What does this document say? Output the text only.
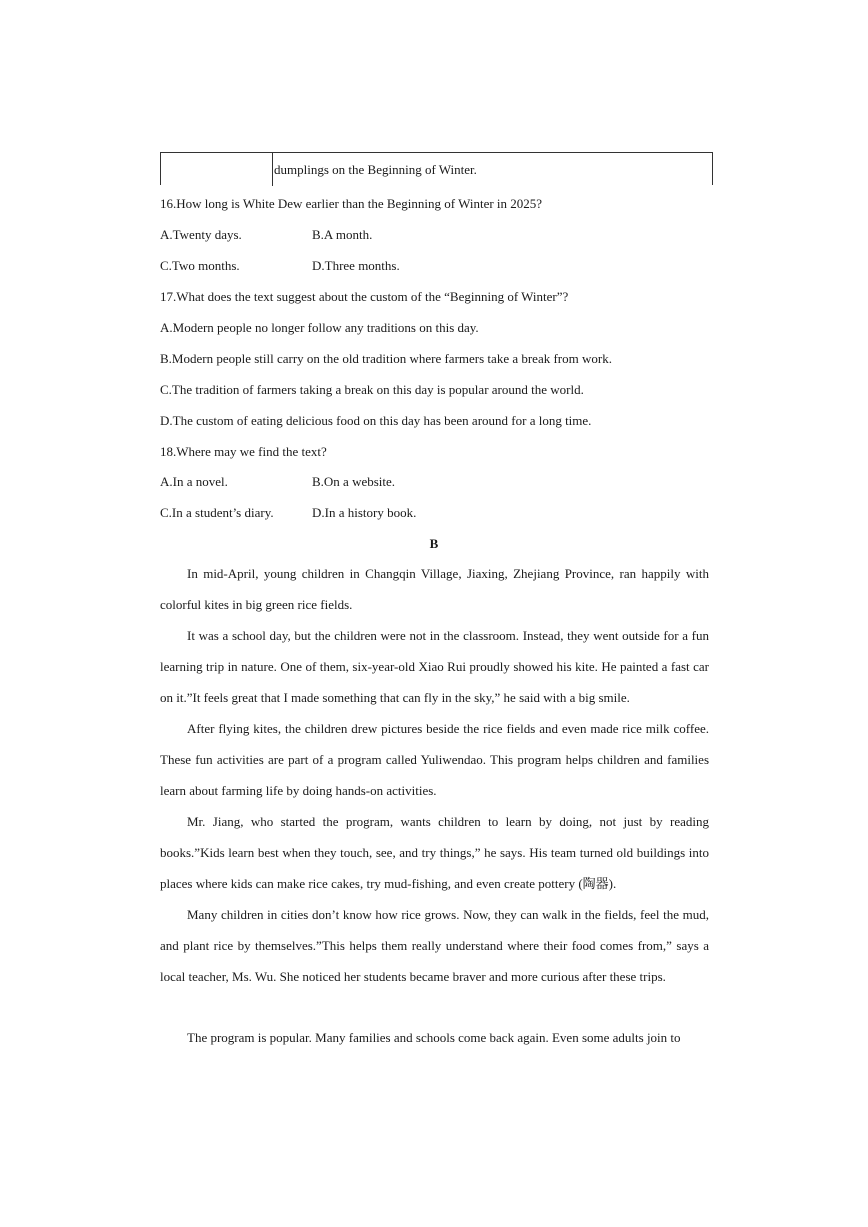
dumplings on the Beginning of Winter.
16.How long is White Dew earlier than the Beginning of Winter in 2025?
A.Twenty days.	B.A month.
C.Two months.	D.Three months.
17.What does the text suggest about the custom of the “Beginning of Winter”?
A.Modern people no longer follow any traditions on this day.
B.Modern people still carry on the old tradition where farmers take a break from work.
C.The tradition of farmers taking a break on this day is popular around the world.
D.The custom of eating delicious food on this day has been around for a long time.
18.Where may we find the text?
A.In a novel.	B.On a website.
C.In a student’s diary.	D.In a history book.
B
In mid-April, young children in Changqin Village, Jiaxing, Zhejiang Province, ran happily with colorful kites in big green rice fields.
It was a school day, but the children were not in the classroom. Instead, they went outside for a fun learning trip in nature. One of them, six-year-old Xiao Rui proudly showed his kite. He painted a fast car on it.”It feels great that I made something that can fly in the sky,” he said with a big smile.
After flying kites, the children drew pictures beside the rice fields and even made rice milk coffee. These fun activities are part of a program called Yuliwendao. This program helps children and families learn about farming life by doing hands-on activities.
Mr. Jiang, who started the program, wants children to learn by doing, not just by reading books.”Kids learn best when they touch, see, and try things,” he says. His team turned old buildings into places where kids can make rice cakes, try mud-fishing, and even create pottery (陶器).
Many children in cities don’t know how rice grows. Now, they can walk in the fields, feel the mud, and plant rice by themselves.”This helps them really understand where their food comes from,” says a local teacher, Ms. Wu. She noticed her students became braver and more curious after these trips.
The program is popular. Many families and schools come back again. Even some adults join to
